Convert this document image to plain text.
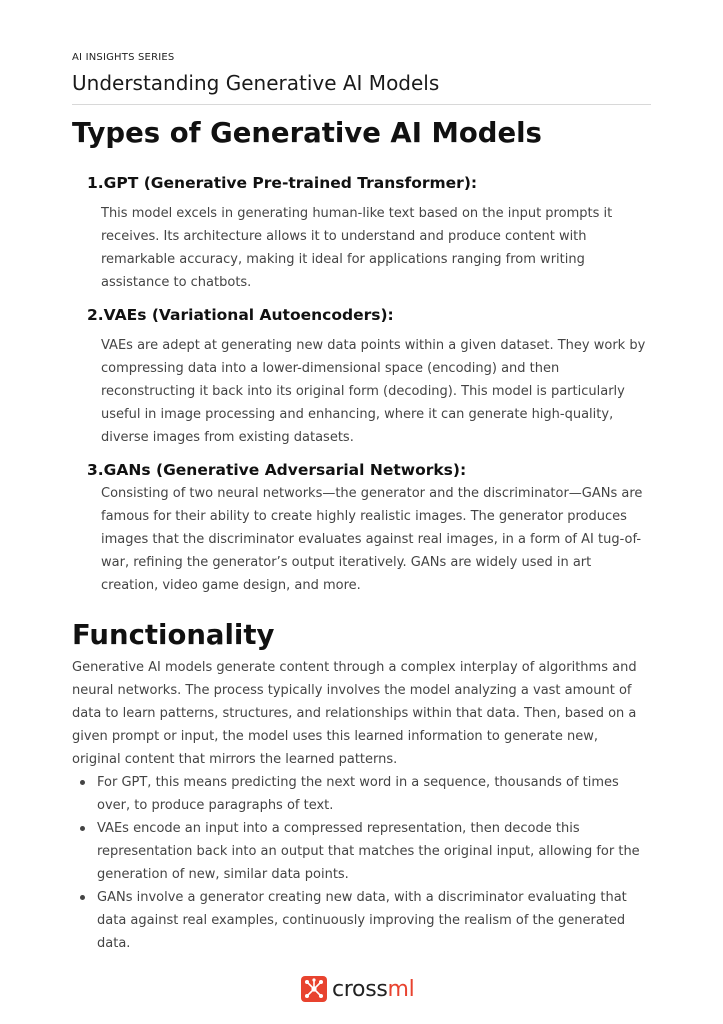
AI INSIGHTS SERIES
Understanding Generative AI Models
Types of Generative AI Models
1.GPT (Generative Pre-trained Transformer):

This model excels in generating human-like text based on the input prompts it receives. Its architecture allows it to understand and produce content with remarkable accuracy, making it ideal for applications ranging from writing assistance to chatbots.

2.VAEs (Variational Autoencoders):

VAEs are adept at generating new data points within a given dataset. They work by compressing data into a lower-dimensional space (encoding) and then reconstructing it back into its original form (decoding). This model is particularly useful in image processing and enhancing, where it can generate high-quality, diverse images from existing datasets.

3.GANs (Generative Adversarial Networks):

Consisting of two neural networks—the generator and the discriminator—GANs are famous for their ability to create highly realistic images. The generator produces images that the discriminator evaluates against real images, in a form of AI tug-of-war, refining the generator’s output iteratively. GANs are widely used in art creation, video game design, and more.

Functionality

Generative AI models generate content through a complex interplay of algorithms and neural networks. The process typically involves the model analyzing a vast amount of data to learn patterns, structures, and relationships within that data. Then, based on a given prompt or input, the model uses this learned information to generate new, original content that mirrors the learned patterns.

For GPT, this means predicting the next word in a sequence, thousands of times over, to produce paragraphs of text.
VAEs encode an input into a compressed representation, then decode this representation back into an output that matches the original input, allowing for the generation of new, similar data points.
GANs involve a generator creating new data, with a discriminator evaluating that data against real examples, continuously improving the realism of the generated data.
crossml
